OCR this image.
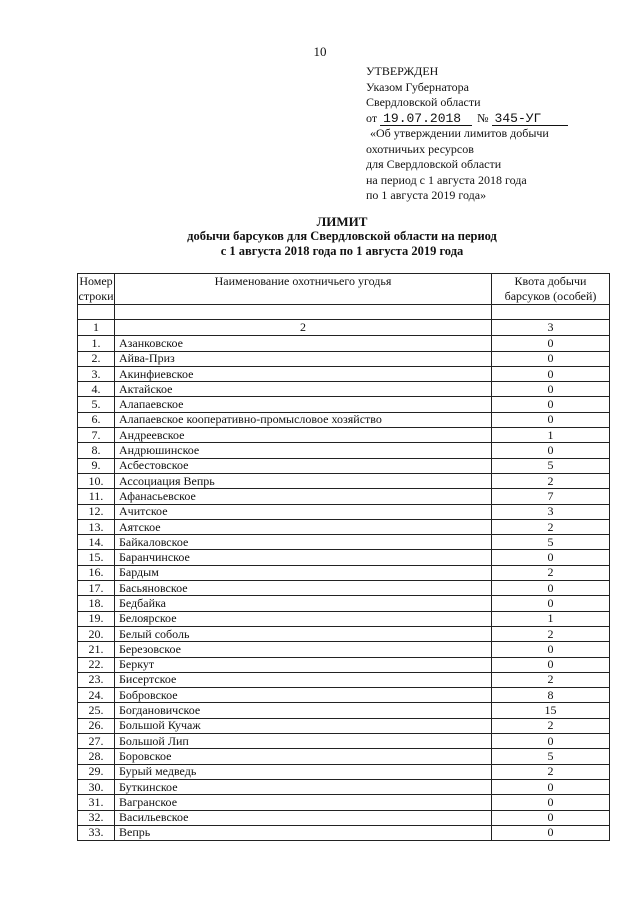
10
УТВЕРЖДЕН
Указом Губернатора
Свердловской области
от 19.07.2018 № 345-УГ
«Об утверждении лимитов добычи
охотничьих ресурсов
для Свердловской области
на период с 1 августа 2018 года
по 1 августа 2019 года»
ЛИМИТ
добычи барсуков для Свердловской области на период
с 1 августа 2018 года по 1 августа 2019 года
Номер строки	Наименование охотничьего угодья	Квота добычи барсуков (особей)

1	2	3
1.	Азанковское	0
2.	Айва-Приз	0
3.	Акинфиевское	0
4.	Актайское	0
5.	Алапаевское	0
6.	Алапаевское кооперативно-промысловое хозяйство	0
7.	Андреевское	1
8.	Андрюшинское	0
9.	Асбестовское	5
10.	Ассоциация Вепрь	2
11.	Афанасьевское	7
12.	Ачитское	3
13.	Аятское	2
14.	Байкаловское	5
15.	Баранчинское	0
16.	Бардым	2
17.	Басьяновское	0
18.	Бедбайка	0
19.	Белоярское	1
20.	Белый соболь	2
21.	Березовское	0
22.	Беркут	0
23.	Бисертское	2
24.	Бобровское	8
25.	Богдановичское	15
26.	Большой Кучаж	2
27.	Большой Лип	0
28.	Боровское	5
29.	Бурый медведь	2
30.	Буткинское	0
31.	Вагранское	0
32.	Васильевское	0
33.	Вепрь	0
